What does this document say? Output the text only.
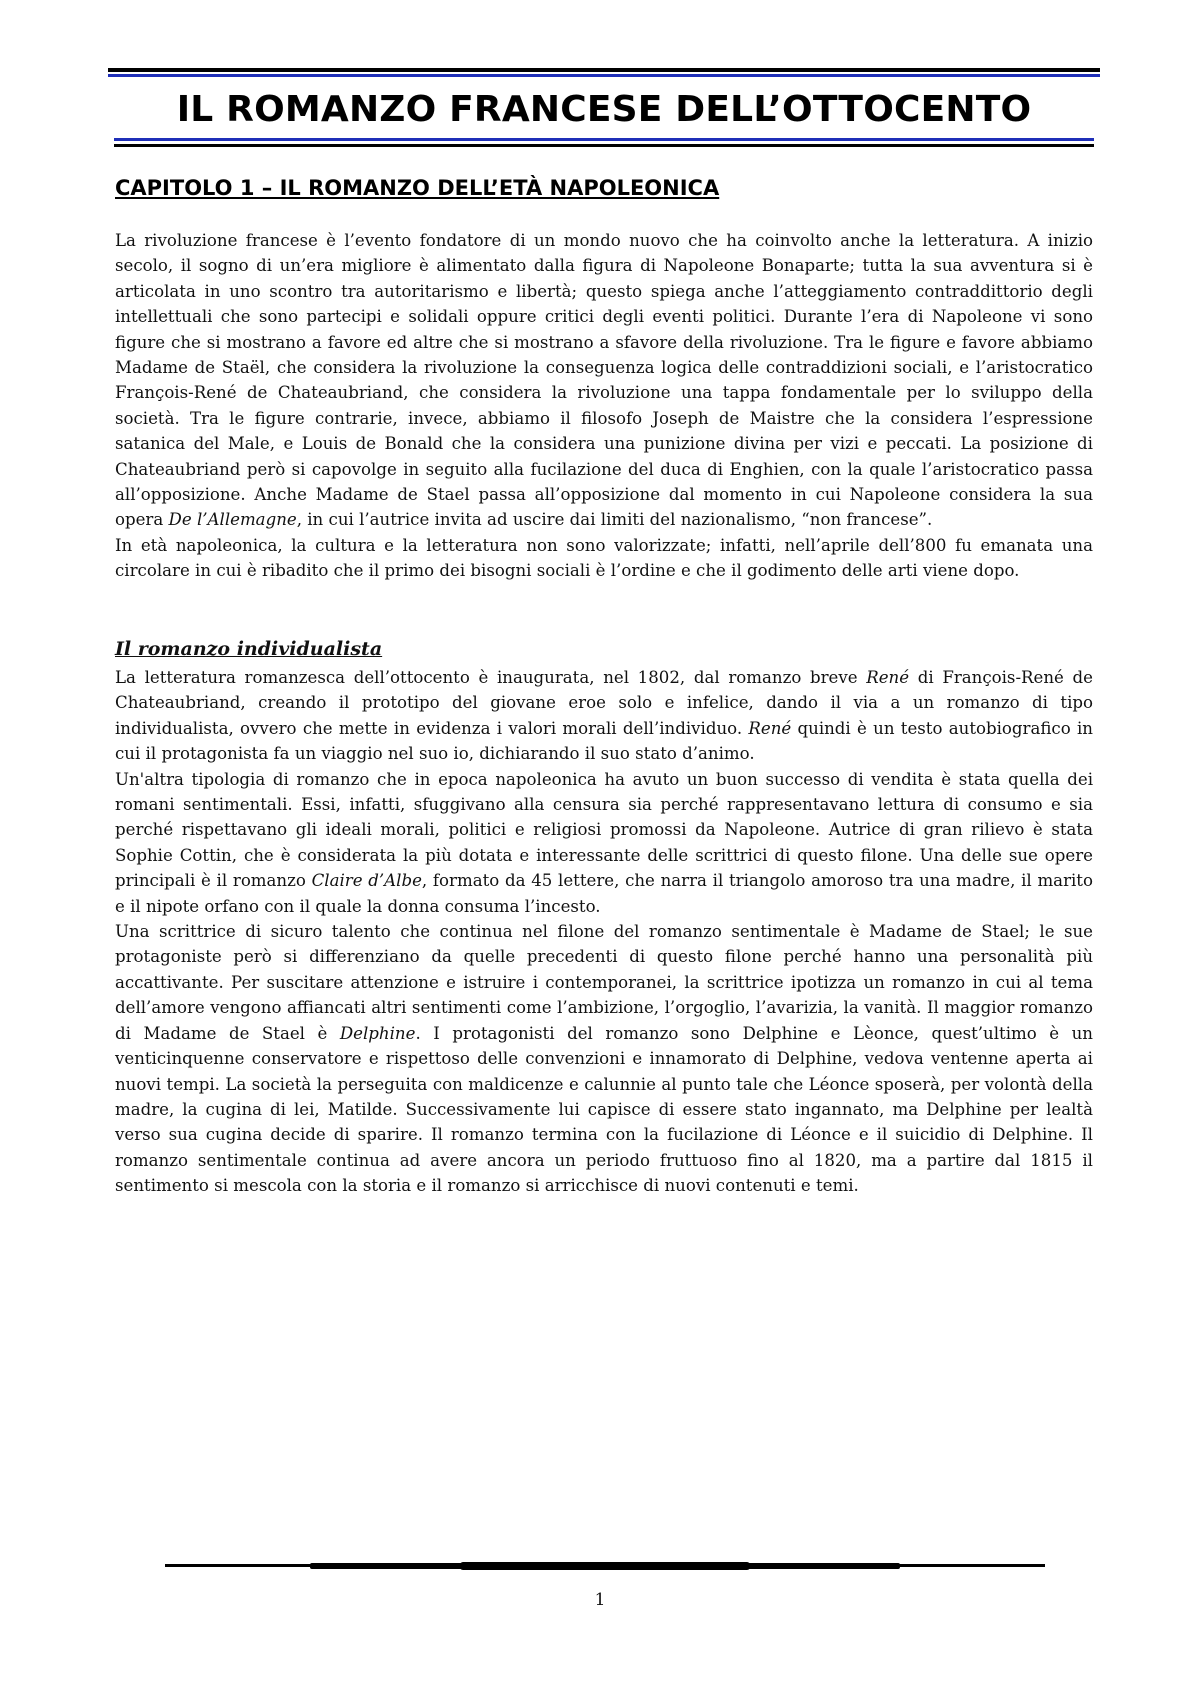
IL ROMANZO FRANCESE DELL’OTTOCENTO
CAPITOLO 1 – IL ROMANZO DELL’ETÀ NAPOLEONICA

La rivoluzione francese è l’evento fondatore di un mondo nuovo che ha coinvolto anche la letteratura. A inizio secolo, il sogno di un’era migliore è alimentato dalla figura di Napoleone Bonaparte; tutta la sua avventura si è articolata in uno scontro tra autoritarismo e libertà; questo spiega anche l’atteggiamento contraddittorio degli intellettuali che sono partecipi e solidali oppure critici degli eventi politici. Durante l’era di Napoleone vi sono figure che si mostrano a favore ed altre che si mostrano a sfavore della rivoluzione. Tra le figure e favore abbiamo Madame de Staël, che considera la rivoluzione la conseguenza logica delle contraddizioni sociali, e l’aristocratico François-René de Chateaubriand, che considera la rivoluzione una tappa fondamentale per lo sviluppo della società. Tra le figure contrarie, invece, abbiamo il filosofo Joseph de Maistre che la considera l’espressione satanica del Male, e Louis de Bonald che la considera una punizione divina per vizi e peccati. La posizione di Chateaubriand però si capovolge in seguito alla fucilazione del duca di Enghien, con la quale l’aristocratico passa all’opposizione. Anche Madame de Stael passa all’opposizione dal momento in cui Napoleone considera la sua opera De l’Allemagne, in cui l’autrice invita ad uscire dai limiti del nazionalismo, “non francese”.

In età napoleonica, la cultura e la letteratura non sono valorizzate; infatti, nell’aprile dell’800 fu emanata una circolare in cui è ribadito che il primo dei bisogni sociali è l’ordine e che il godimento delle arti viene dopo.

Il romanzo individualista

La letteratura romanzesca dell’ottocento è inaugurata, nel 1802, dal romanzo breve René di François-René de Chateaubriand, creando il prototipo del giovane eroe solo e infelice, dando il via a un romanzo di tipo individualista, ovvero che mette in evidenza i valori morali dell’individuo. René quindi è un testo autobiografico in cui il protagonista fa un viaggio nel suo io, dichiarando il suo stato d’animo.

Un'altra tipologia di romanzo che in epoca napoleonica ha avuto un buon successo di vendita è stata quella dei romani sentimentali. Essi, infatti, sfuggivano alla censura sia perché rappresentavano lettura di consumo e sia perché rispettavano gli ideali morali, politici e religiosi promossi da Napoleone. Autrice di gran rilievo è stata Sophie Cottin, che è considerata la più dotata e interessante delle scrittrici di questo filone. Una delle sue opere principali è il romanzo Claire d’Albe, formato da 45 lettere, che narra il triangolo amoroso tra una madre, il marito e il nipote orfano con il quale la donna consuma l’incesto.

Una scrittrice di sicuro talento che continua nel filone del romanzo sentimentale è Madame de Stael; le sue protagoniste però si differenziano da quelle precedenti di questo filone perché hanno una personalità più accattivante. Per suscitare attenzione e istruire i contemporanei, la scrittrice ipotizza un romanzo in cui al tema dell’amore vengono affiancati altri sentimenti come l’ambizione, l’orgoglio, l’avarizia, la vanità. Il maggior romanzo di Madame de Stael è Delphine. I protagonisti del romanzo sono Delphine e Lèonce, quest’ultimo è un venticinquenne conservatore e rispettoso delle convenzioni e innamorato di Delphine, vedova ventenne aperta ai nuovi tempi. La società la perseguita con maldicenze e calunnie al punto tale che Léonce sposerà, per volontà della madre, la cugina di lei, Matilde. Successivamente lui capisce di essere stato ingannato, ma Delphine per lealtà verso sua cugina decide di sparire. Il romanzo termina con la fucilazione di Léonce e il suicidio di Delphine. Il romanzo sentimentale continua ad avere ancora un periodo fruttuoso fino al 1820, ma a partire dal 1815 il sentimento si mescola con la storia e il romanzo si arricchisce di nuovi contenuti e temi.

1
